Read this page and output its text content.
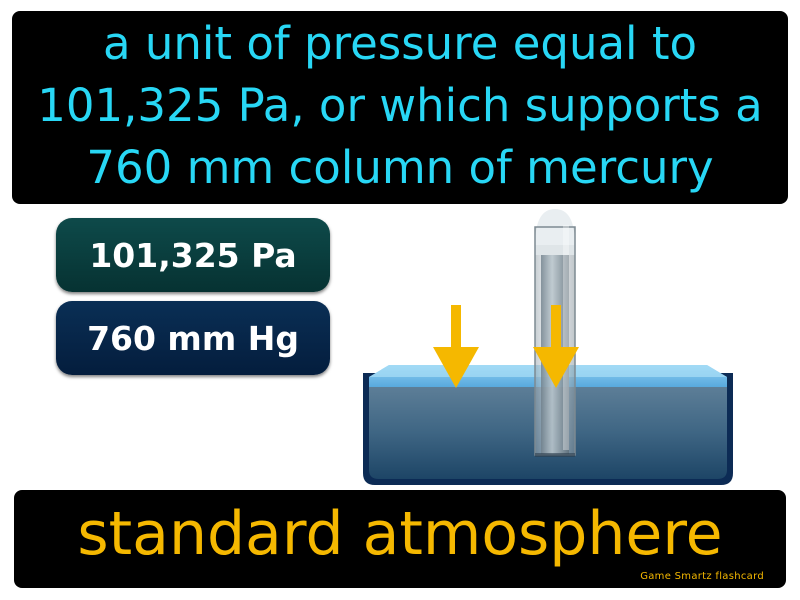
a unit of pressure equal to 101,325 Pa, or which supports a 760 mm column of mercury
101,325 Pa
760 mm Hg
standard atmosphere
Game Smartz flashcard
